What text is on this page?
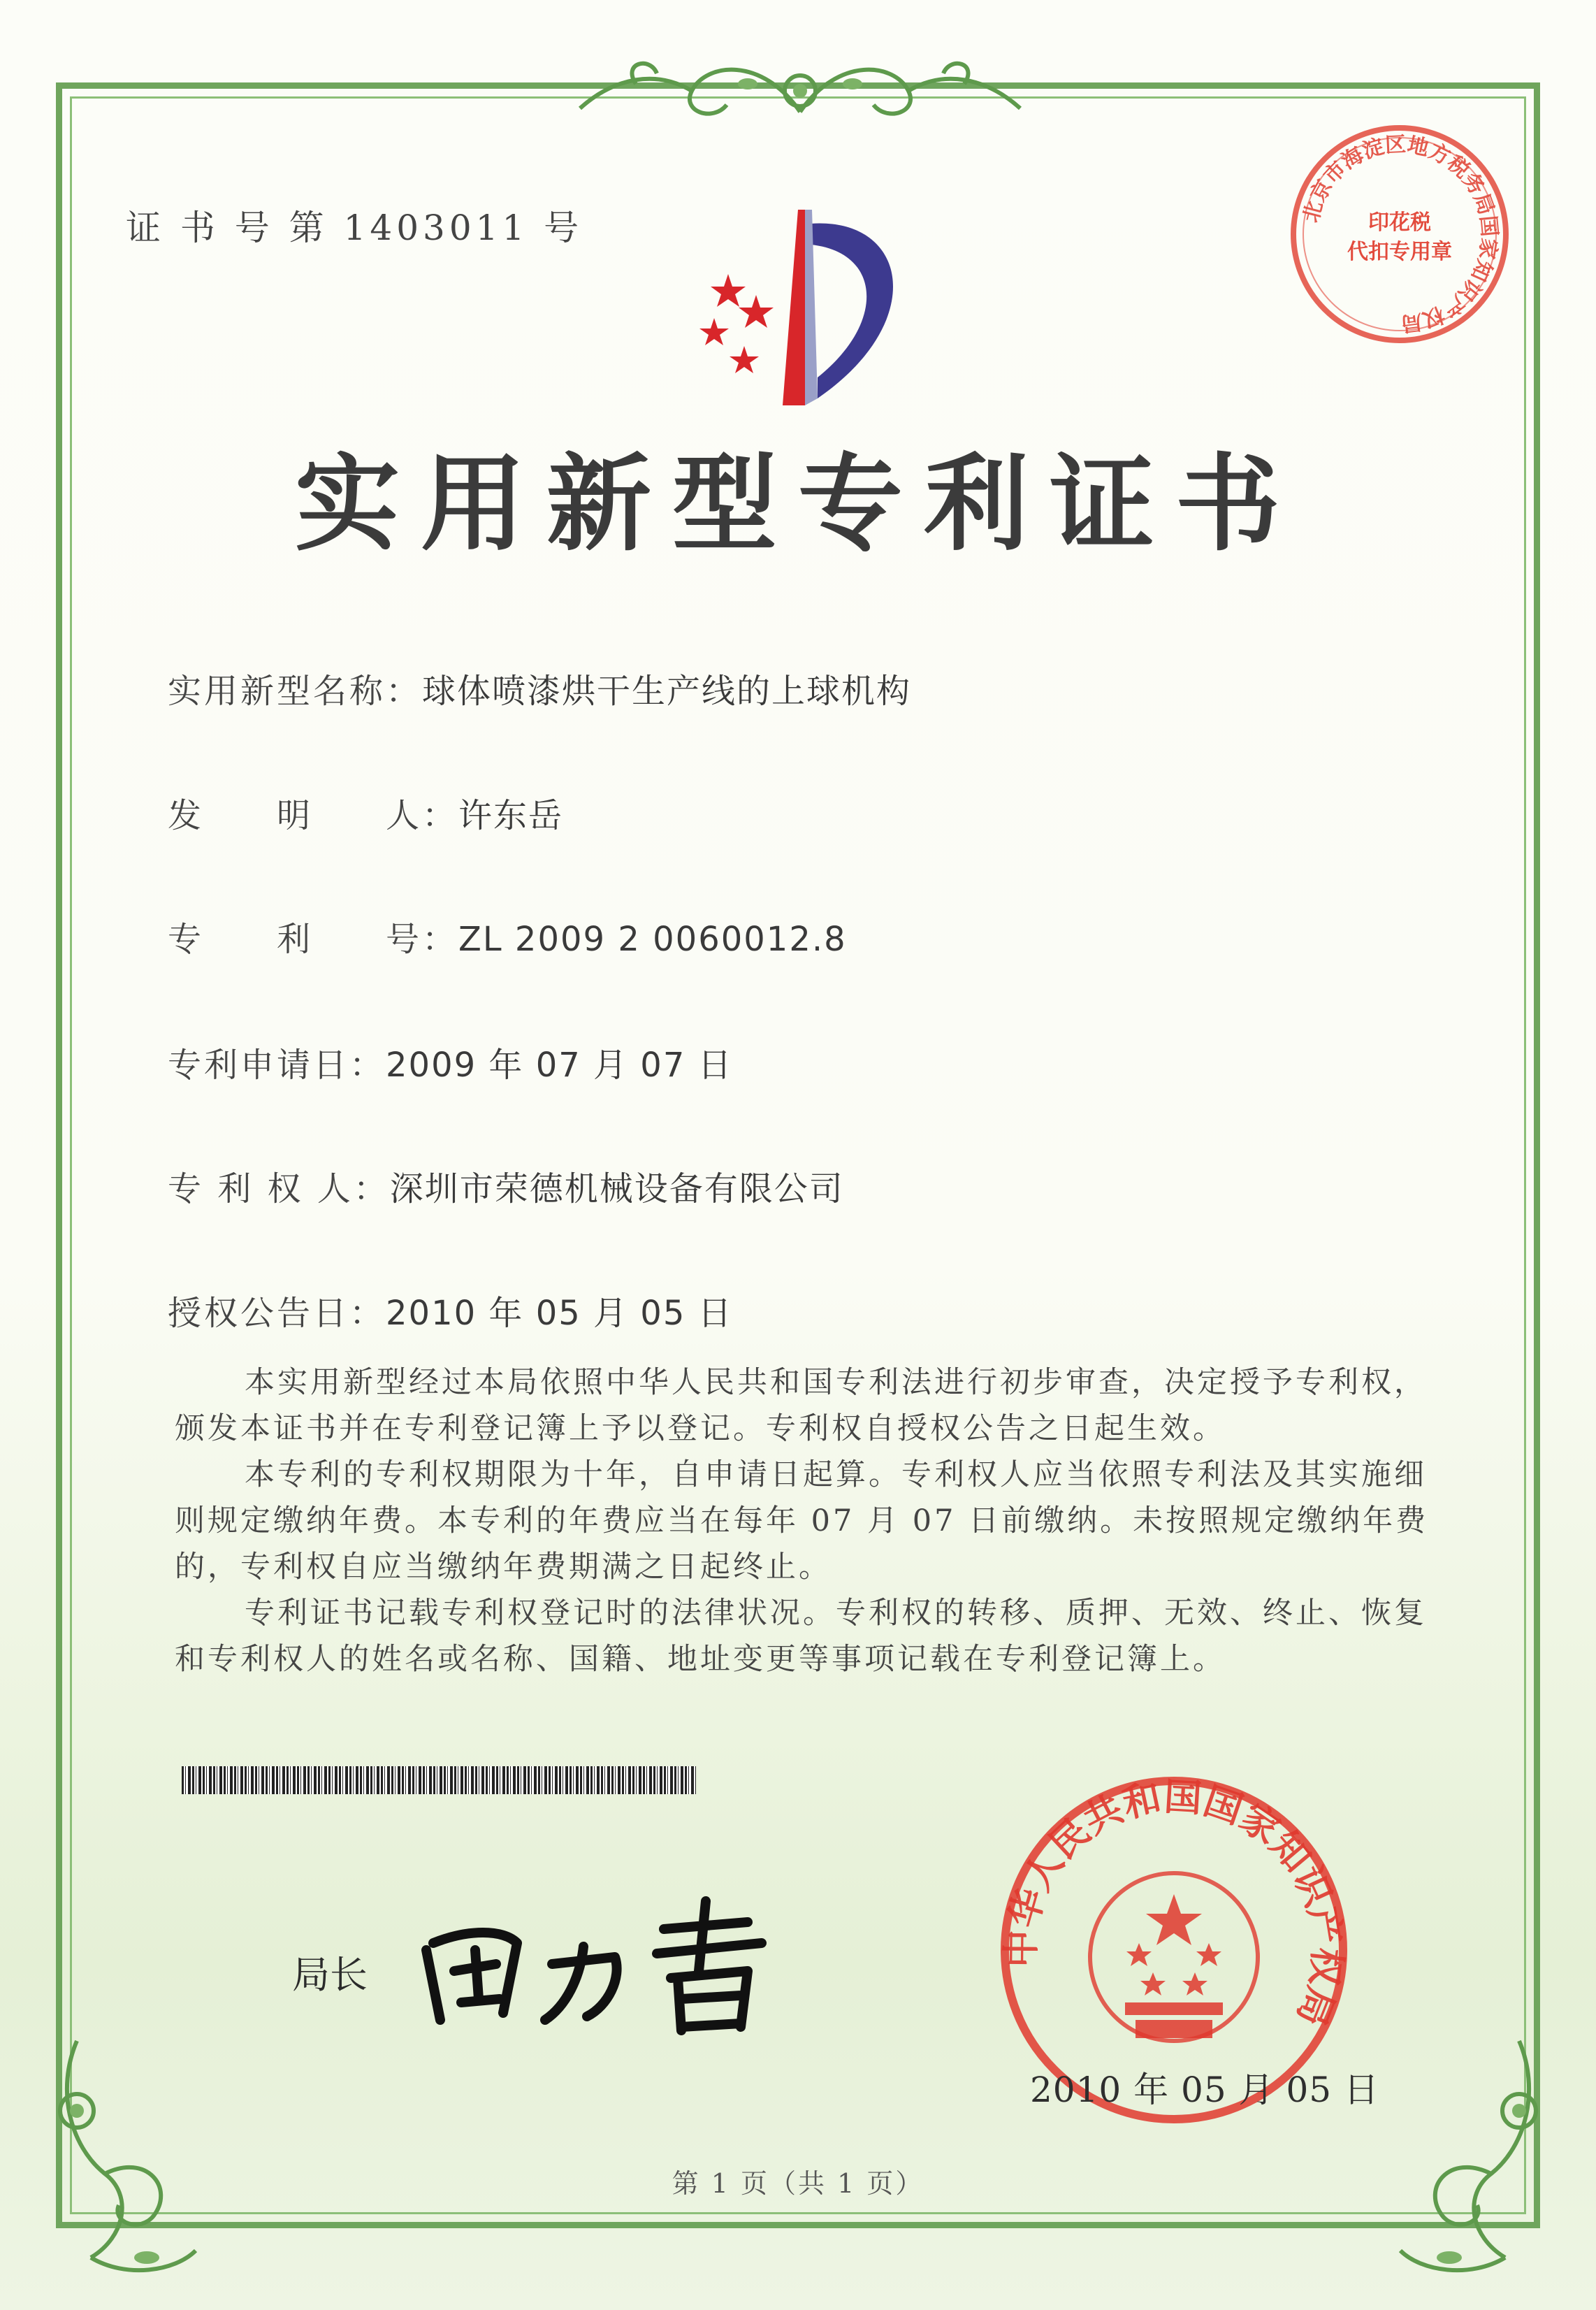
证 书 号 第 1403011 号	北京市海淀区地方税务局国家知识产权局
印花税
代扣专用章
实用新型专利证书
实用新型名称：球体喷漆烘干生产线的上球机构
发　　明　　人：许东岳
专　　利　　号：ZL 2009 2 0060012.8
专利申请日：2009 年 07 月 07 日
专 利 权 人：深圳市荣德机械设备有限公司
授权公告日：2010 年 05 月 05 日

本实用新型经过本局依照中华人民共和国专利法进行初步审查，决定授予专利权，颁发本证书并在专利登记簿上予以登记。专利权自授权公告之日起生效。

本专利的专利权期限为十年，自申请日起算。专利权人应当依照专利法及其实施细则规定缴纳年费。本专利的年费应当在每年 07 月 07 日前缴纳。未按照规定缴纳年费的，专利权自应当缴纳年费期满之日起终止。

专利证书记载专利权登记时的法律状况。专利权的转移、质押、无效、终止、恢复和专利权人的姓名或名称、国籍、地址变更等事项记载在专利登记簿上。

局长
中华人民共和国国家知识产权局
2010 年 05 月 05 日
第 1 页（共 1 页）
